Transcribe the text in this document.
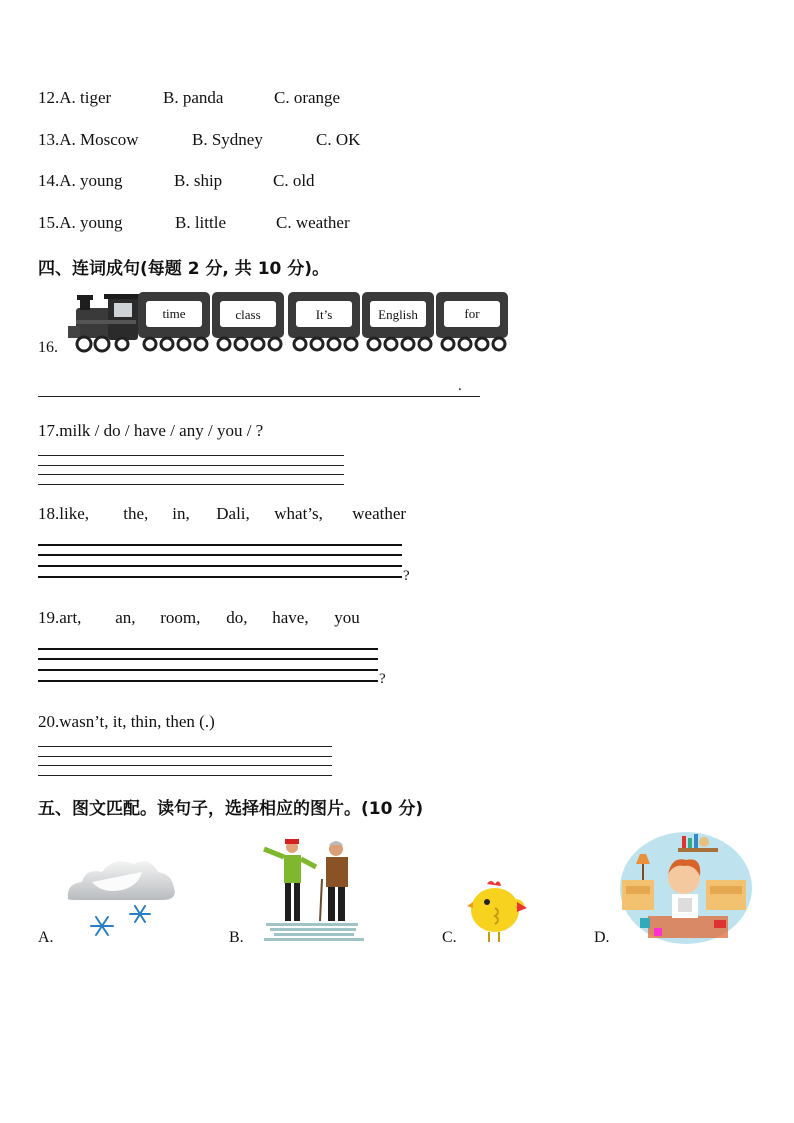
12.A. tiger	B. panda	C. orange
13.A. Moscow	B. Sydney	C. OK
14.A. young	B. ship	C. old
15.A. young	B. little	C. weather
四、连词成句(每题 2 分, 共 10 分)。
16.
time	class	It’s	English	for
.
17.milk / do / have / any / you / ?
18.like, the, in, Dali, what’s, weather
?
19.art, an, room, do, have, you
?
20.wasn’t, it, thin, then (.)
五、图文匹配。读句子，选择相应的图片。(10 分)
A.	B.	C.	D.
